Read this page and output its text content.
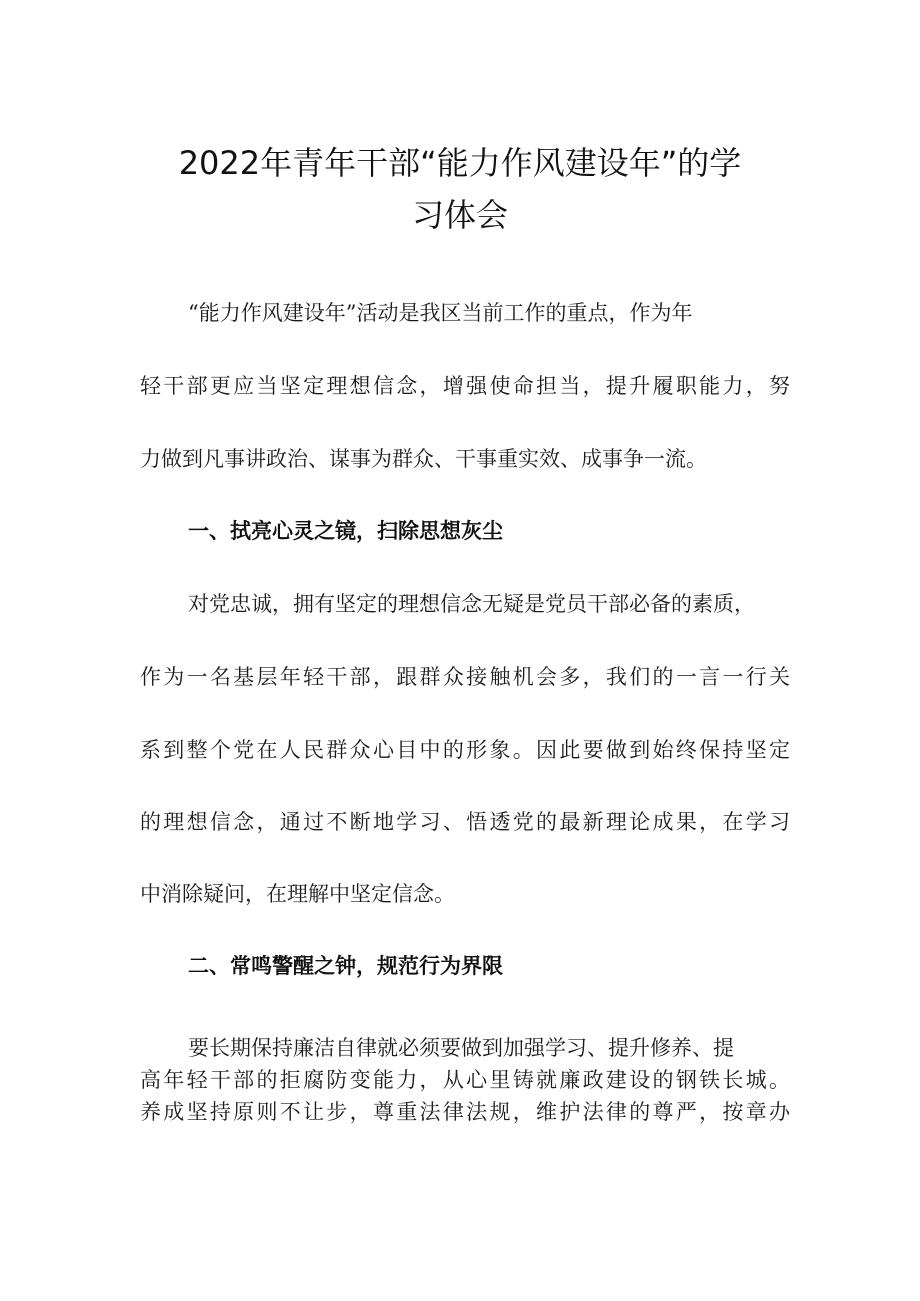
2022年青年干部“能力作风建设年”的学
习体会

“能力作风建设年”活动是我区当前工作的重点，作为年

轻干部更应当坚定理想信念，增强使命担当，提升履职能力，努

力做到凡事讲政治、谋事为群众、干事重实效、成事争一流。

一、拭亮心灵之镜，扫除思想灰尘

对党忠诚，拥有坚定的理想信念无疑是党员干部必备的素质，

作为一名基层年轻干部，跟群众接触机会多，我们的一言一行关

系到整个党在人民群众心目中的形象。因此要做到始终保持坚定

的理想信念，通过不断地学习、悟透党的最新理论成果，在学习

中消除疑问，在理解中坚定信念。

二、常鸣警醒之钟，规范行为界限

要长期保持廉洁自律就必须要做到加强学习、提升修养、提

高年轻干部的拒腐防变能力，从心里铸就廉政建设的钢铁长城。

养成坚持原则不让步，尊重法律法规，维护法律的尊严，按章办
